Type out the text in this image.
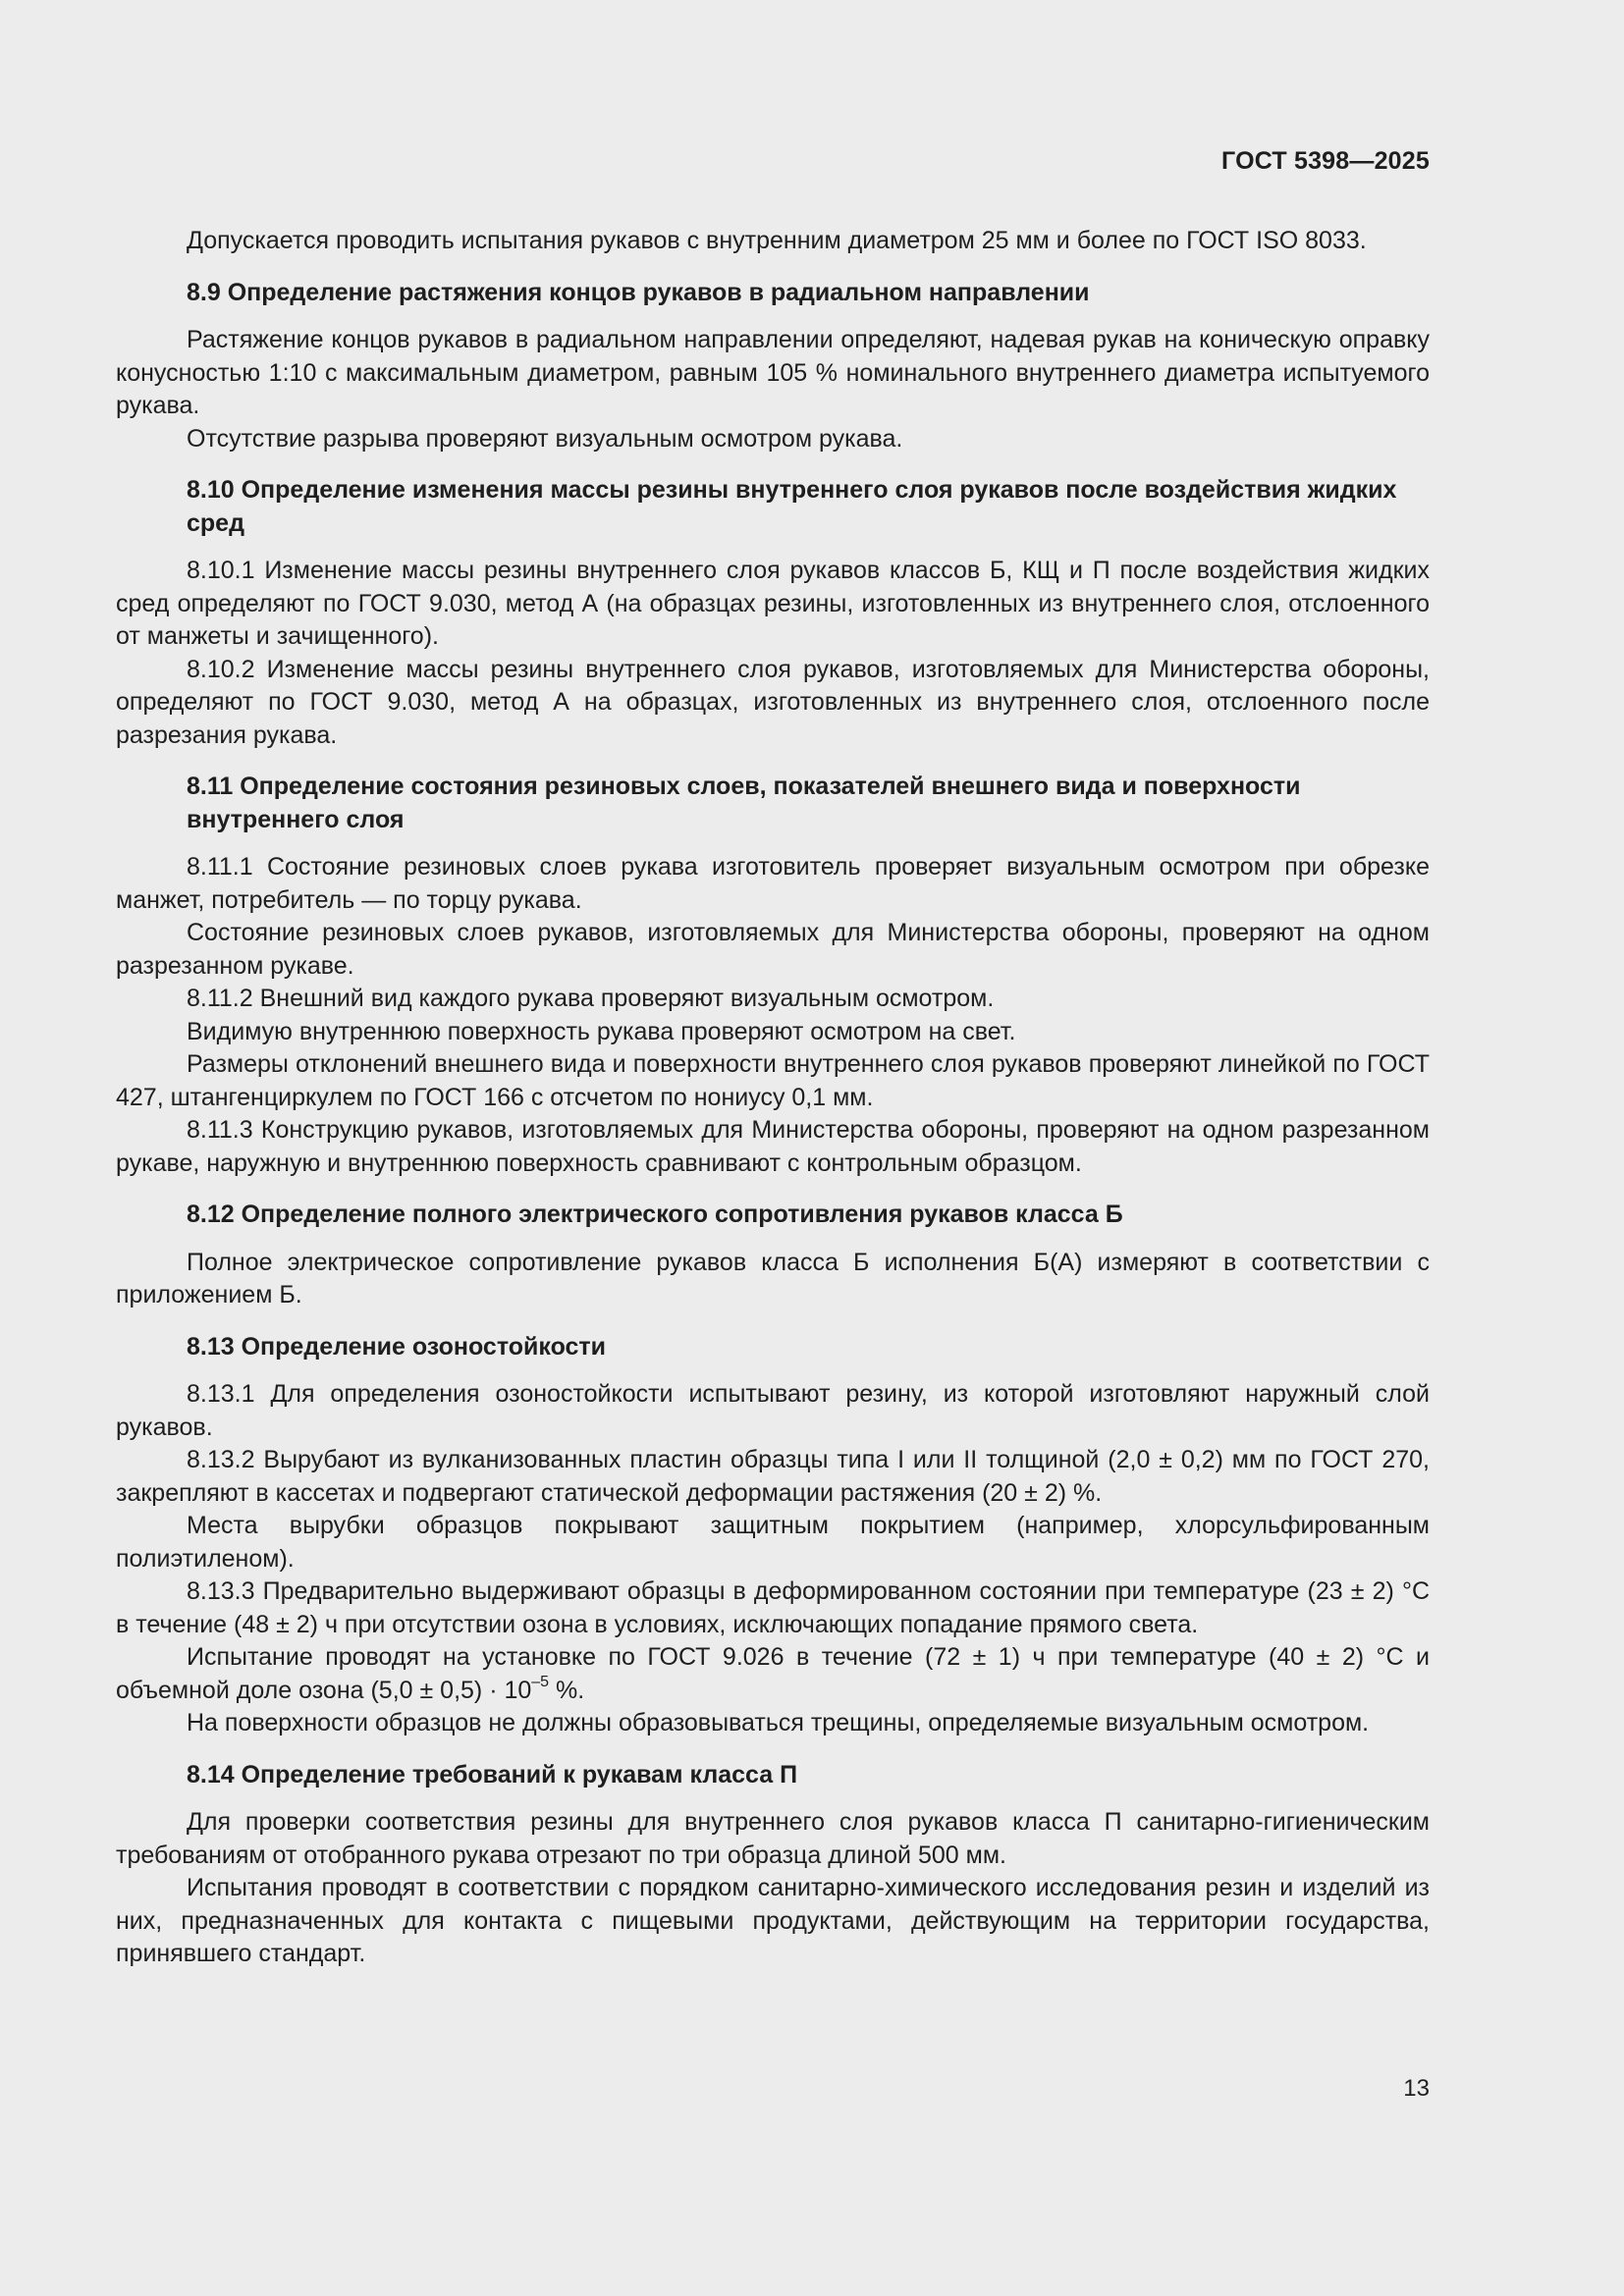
ГОСТ 5398—2025

Допускается проводить испытания рукавов с внутренним диаметром 25 мм и более по ГОСТ ISO 8033.

8.9 Определение растяжения концов рукавов в радиальном направлении

Растяжение концов рукавов в радиальном направлении определяют, надевая рукав на коническую оправку конусностью 1:10 с максимальным диаметром, равным 105 % номинального внутреннего диаметра испытуемого рукава.

Отсутствие разрыва проверяют визуальным осмотром рукава.

8.10 Определение изменения массы резины внутреннего слоя рукавов после воздействия жидких сред

8.10.1 Изменение массы резины внутреннего слоя рукавов классов Б, КЩ и П после воздействия жидких сред определяют по ГОСТ 9.030, метод А (на образцах резины, изготовленных из внутреннего слоя, отслоенного от манжеты и зачищенного).

8.10.2 Изменение массы резины внутреннего слоя рукавов, изготовляемых для Министерства обороны, определяют по ГОСТ 9.030, метод А на образцах, изготовленных из внутреннего слоя, отслоенного после разрезания рукава.

8.11 Определение состояния резиновых слоев, показателей внешнего вида и поверхности внутреннего слоя

8.11.1 Состояние резиновых слоев рукава изготовитель проверяет визуальным осмотром при обрезке манжет, потребитель — по торцу рукава.

Состояние резиновых слоев рукавов, изготовляемых для Министерства обороны, проверяют на одном разрезанном рукаве.

8.11.2 Внешний вид каждого рукава проверяют визуальным осмотром.

Видимую внутреннюю поверхность рукава проверяют осмотром на свет.

Размеры отклонений внешнего вида и поверхности внутреннего слоя рукавов проверяют линейкой по ГОСТ 427, штангенциркулем по ГОСТ 166 с отсчетом по нониусу 0,1 мм.

8.11.3 Конструкцию рукавов, изготовляемых для Министерства обороны, проверяют на одном разрезанном рукаве, наружную и внутреннюю поверхность сравнивают с контрольным образцом.

8.12 Определение полного электрического сопротивления рукавов класса Б

Полное электрическое сопротивление рукавов класса Б исполнения Б(А) измеряют в соответствии с приложением Б.

8.13 Определение озоностойкости

8.13.1 Для определения озоностойкости испытывают резину, из которой изготовляют наружный слой рукавов.

8.13.2 Вырубают из вулканизованных пластин образцы типа I или II толщиной (2,0 ± 0,2) мм по ГОСТ 270, закрепляют в кассетах и подвергают статической деформации растяжения (20 ± 2) %.

Места вырубки образцов покрывают защитным покрытием (например, хлорсульфированным полиэтиленом).

8.13.3 Предварительно выдерживают образцы в деформированном состоянии при температуре (23 ± 2) °С в течение (48 ± 2) ч при отсутствии озона в условиях, исключающих попадание прямого света.

Испытание проводят на установке по ГОСТ 9.026 в течение (72 ± 1) ч при температуре (40 ± 2) °С и объемной доле озона $(5,0 \pm 0,5) \cdot 10^{-5}$ %.

На поверхности образцов не должны образовываться трещины, определяемые визуальным осмотром.

8.14 Определение требований к рукавам класса П

Для проверки соответствия резины для внутреннего слоя рукавов класса П санитарно-гигиеническим требованиям от отобранного рукава отрезают по три образца длиной 500 мм.

Испытания проводят в соответствии с порядком санитарно-химического исследования резин и изделий из них, предназначенных для контакта с пищевыми продуктами, действующим на территории государства, принявшего стандарт.

13
